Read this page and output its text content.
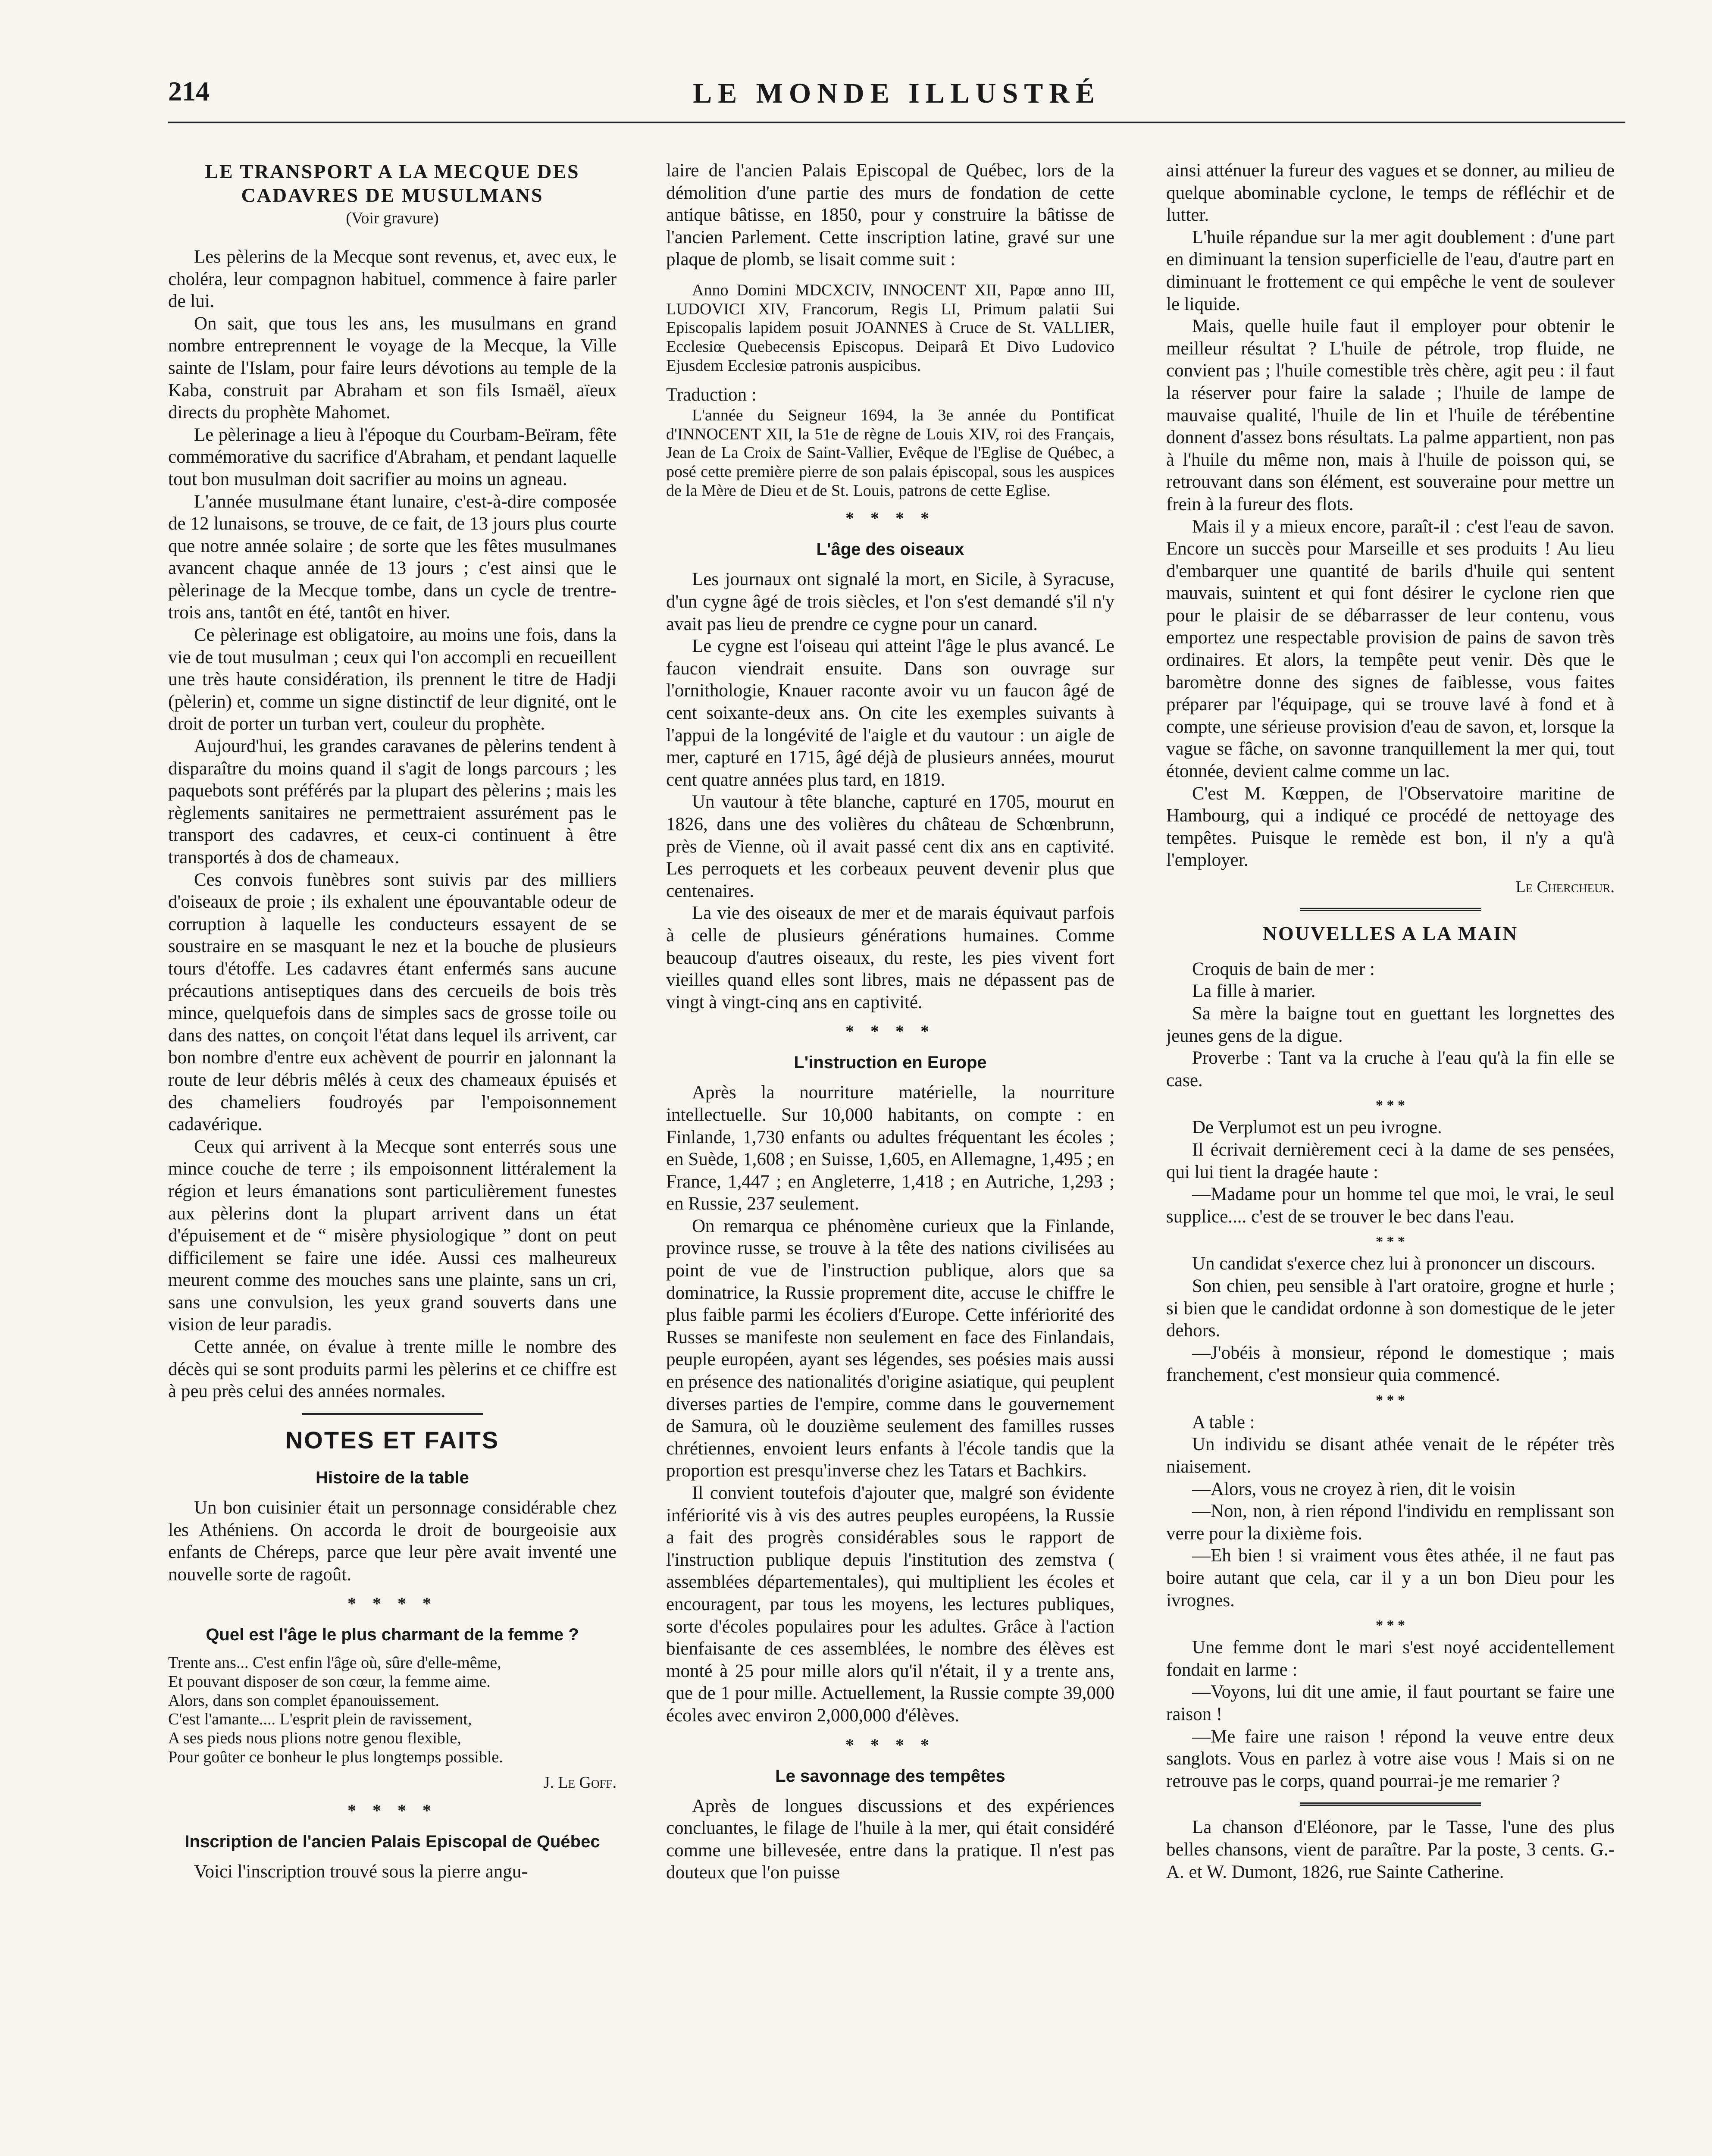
214	LE MONDE ILLUSTRÉ
LE TRANSPORT A LA MECQUE DES CADAVRES DE MUSULMANS
(Voir gravure)

Les pèlerins de la Mecque sont revenus, et, avec eux, le choléra, leur compagnon habituel, commence à faire parler de lui.

On sait, que tous les ans, les musulmans en grand nombre entreprennent le voyage de la Mecque, la Ville sainte de l'Islam, pour faire leurs dévotions au temple de la Kaba, construit par Abraham et son fils Ismaël, aïeux directs du prophète Mahomet.

Le pèlerinage a lieu à l'époque du Courbam-Beïram, fête commémorative du sacrifice d'Abraham, et pendant laquelle tout bon musulman doit sacrifier au moins un agneau.

L'année musulmane étant lunaire, c'est-à-dire composée de 12 lunaisons, se trouve, de ce fait, de 13 jours plus courte que notre année solaire ; de sorte que les fêtes musulmanes avancent chaque année de 13 jours ; c'est ainsi que le pèlerinage de la Mecque tombe, dans un cycle de trentre-trois ans, tantôt en été, tantôt en hiver.

Ce pèlerinage est obligatoire, au moins une fois, dans la vie de tout musulman ; ceux qui l'on accompli en recueillent une très haute considération, ils prennent le titre de Hadji (pèlerin) et, comme un signe distinctif de leur dignité, ont le droit de porter un turban vert, couleur du prophète.

Aujourd'hui, les grandes caravanes de pèlerins tendent à disparaître du moins quand il s'agit de longs parcours ; les paquebots sont préférés par la plupart des pèlerins ; mais les règlements sanitaires ne permettraient assurément pas le transport des cadavres, et ceux-ci continuent à être transportés à dos de chameaux.

Ces convois funèbres sont suivis par des milliers d'oiseaux de proie ; ils exhalent une épouvantable odeur de corruption à laquelle les conducteurs essayent de se soustraire en se masquant le nez et la bouche de plusieurs tours d'étoffe. Les cadavres étant enfermés sans aucune précautions antiseptiques dans des cercueils de bois très mince, quelquefois dans de simples sacs de grosse toile ou dans des nattes, on conçoit l'état dans lequel ils arrivent, car bon nombre d'entre eux achèvent de pourrir en jalonnant la route de leur débris mêlés à ceux des chameaux épuisés et des chameliers foudroyés par l'empoisonnement cadavérique.

Ceux qui arrivent à la Mecque sont enterrés sous une mince couche de terre ; ils empoisonnent littéralement la région et leurs émanations sont particulièrement funestes aux pèlerins dont la plupart arrivent dans un état d'épuisement et de “ misère physiologique ” dont on peut difficilement se faire une idée. Aussi ces malheureux meurent comme des mouches sans une plainte, sans un cri, sans une convulsion, les yeux grand souverts dans une vision de leur paradis.

Cette année, on évalue à trente mille le nombre des décès qui se sont produits parmi les pèlerins et ce chiffre est à peu près celui des années normales.

NOTES ET FAITS
Histoire de la table

Un bon cuisinier était un personnage considérable chez les Athéniens. On accorda le droit de bourgeoisie aux enfants de Chéreps, parce que leur père avait inventé une nouvelle sorte de ragoût.

* * * *
Quel est l'âge le plus charmant de la femme ?

Trente ans... C'est enfin l'âge où, sûre d'elle-même,

Et pouvant disposer de son cœur, la femme aime.

Alors, dans son complet épanouissement.

C'est l'amante.... L'esprit plein de ravissement,

A ses pieds nous plions notre genou flexible,

Pour goûter ce bonheur le plus longtemps possible.

J. Le Goff.
* * * *
Inscription de l'ancien Palais Episcopal de Québec

Voici l'inscription trouvé sous la pierre angu-

laire de l'ancien Palais Episcopal de Québec, lors de la démolition d'une partie des murs de fondation de cette antique bâtisse, en 1850, pour y construire la bâtisse de l'ancien Parlement. Cette inscription latine, gravé sur une plaque de plomb, se lisait comme suit :

Anno Domini MDCXCIV, INNOCENT XII, Papœ anno III, LUDOVICI XIV, Francorum, Regis LI, Primum palatii Sui Episcopalis lapidem posuit JOANNES à Cruce de St. VALLIER, Ecclesiœ Quebecensis Episcopus. Deiparâ Et Divo Ludovico Ejusdem Ecclesiœ patronis auspicibus.

Traduction :

L'année du Seigneur 1694, la 3e année du Pontificat d'INNOCENT XII, la 51e de règne de Louis XIV, roi des Français, Jean de La Croix de Saint-Vallier, Evêque de l'Eglise de Québec, a posé cette première pierre de son palais épiscopal, sous les auspices de la Mère de Dieu et de St. Louis, patrons de cette Eglise.

* * * *
L'âge des oiseaux

Les journaux ont signalé la mort, en Sicile, à Syracuse, d'un cygne âgé de trois siècles, et l'on s'est demandé s'il n'y avait pas lieu de prendre ce cygne pour un canard.

Le cygne est l'oiseau qui atteint l'âge le plus avancé. Le faucon viendrait ensuite. Dans son ouvrage sur l'ornithologie, Knauer raconte avoir vu un faucon âgé de cent soixante-deux ans. On cite les exemples suivants à l'appui de la longévité de l'aigle et du vautour : un aigle de mer, capturé en 1715, âgé déjà de plusieurs années, mourut cent quatre années plus tard, en 1819.

Un vautour à tête blanche, capturé en 1705, mourut en 1826, dans une des volières du château de Schœnbrunn, près de Vienne, où il avait passé cent dix ans en captivité. Les perroquets et les corbeaux peuvent devenir plus que centenaires.

La vie des oiseaux de mer et de marais équivaut parfois à celle de plusieurs générations humaines. Comme beaucoup d'autres oiseaux, du reste, les pies vivent fort vieilles quand elles sont libres, mais ne dépassent pas de vingt à vingt-cinq ans en captivité.

* * * *
L'instruction en Europe

Après la nourriture matérielle, la nourriture intellectuelle. Sur 10,000 habitants, on compte : en Finlande, 1,730 enfants ou adultes fréquentant les écoles ; en Suède, 1,608 ; en Suisse, 1,605, en Allemagne, 1,495 ; en France, 1,447 ; en Angleterre, 1,418 ; en Autriche, 1,293 ; en Russie, 237 seulement.

On remarqua ce phénomène curieux que la Finlande, province russe, se trouve à la tête des nations civilisées au point de vue de l'instruction publique, alors que sa dominatrice, la Russie proprement dite, accuse le chiffre le plus faible parmi les écoliers d'Europe. Cette infériorité des Russes se manifeste non seulement en face des Finlandais, peuple européen, ayant ses légendes, ses poésies mais aussi en présence des nationalités d'origine asiatique, qui peuplent diverses parties de l'empire, comme dans le gouvernement de Samura, où le douzième seulement des familles russes chrétiennes, envoient leurs enfants à l'école tandis que la proportion est presqu'inverse chez les Tatars et Bachkirs.

Il convient toutefois d'ajouter que, malgré son évidente infériorité vis à vis des autres peuples européens, la Russie a fait des progrès considérables sous le rapport de l'instruction publique depuis l'institution des zemstva ( assemblées départementales), qui multiplient les écoles et encouragent, par tous les moyens, les lectures publiques, sorte d'écoles populaires pour les adultes. Grâce à l'action bienfaisante de ces assemblées, le nombre des élèves est monté à 25 pour mille alors qu'il n'était, il y a trente ans, que de 1 pour mille. Actuellement, la Russie compte 39,000 écoles avec environ 2,000,000 d'élèves.

* * * *
Le savonnage des tempêtes

Après de longues discussions et des expériences concluantes, le filage de l'huile à la mer, qui était considéré comme une billevesée, entre dans la pratique. Il n'est pas douteux que l'on puisse

ainsi atténuer la fureur des vagues et se donner, au milieu de quelque abominable cyclone, le temps de réfléchir et de lutter.

L'huile répandue sur la mer agit doublement : d'une part en diminuant la tension superficielle de l'eau, d'autre part en diminuant le frottement ce qui empêche le vent de soulever le liquide.

Mais, quelle huile faut il employer pour obtenir le meilleur résultat ? L'huile de pétrole, trop fluide, ne convient pas ; l'huile comestible très chère, agit peu : il faut la réserver pour faire la salade ; l'huile de lampe de mauvaise qualité, l'huile de lin et l'huile de térébentine donnent d'assez bons résultats. La palme appartient, non pas à l'huile du même non, mais à l'huile de poisson qui, se retrouvant dans son élément, est souveraine pour mettre un frein à la fureur des flots.

Mais il y a mieux encore, paraît-il : c'est l'eau de savon. Encore un succès pour Marseille et ses produits ! Au lieu d'embarquer une quantité de barils d'huile qui sentent mauvais, suintent et qui font désirer le cyclone rien que pour le plaisir de se débarrasser de leur contenu, vous emportez une respectable provision de pains de savon très ordinaires. Et alors, la tempête peut venir. Dès que le baromètre donne des signes de faiblesse, vous faites préparer par l'équipage, qui se trouve lavé à fond et à compte, une sérieuse provision d'eau de savon, et, lorsque la vague se fâche, on savonne tranquillement la mer qui, tout étonnée, devient calme comme un lac.

C'est M. Kœppen, de l'Observatoire maritine de Hambourg, qui a indiqué ce procédé de nettoyage des tempêtes. Puisque le remède est bon, il n'y a qu'à l'employer.

Le Chercheur.
NOUVELLES A LA MAIN

Croquis de bain de mer :

La fille à marier.

Sa mère la baigne tout en guettant les lorgnettes des jeunes gens de la digue.

Proverbe : Tant va la cruche à l'eau qu'à la fin elle se case.

* * *

De Verplumot est un peu ivrogne.

Il écrivait dernièrement ceci à la dame de ses pensées, qui lui tient la dragée haute :

—Madame pour un homme tel que moi, le vrai, le seul supplice.... c'est de se trouver le bec dans l'eau.

* * *

Un candidat s'exerce chez lui à prononcer un discours.

Son chien, peu sensible à l'art oratoire, grogne et hurle ; si bien que le candidat ordonne à son domestique de le jeter dehors.

—J'obéis à monsieur, répond le domestique ; mais franchement, c'est monsieur quia commencé.

* * *

A table :

Un individu se disant athée venait de le répéter très niaisement.

—Alors, vous ne croyez à rien, dit le voisin

—Non, non, à rien répond l'individu en remplissant son verre pour la dixième fois.

—Eh bien ! si vraiment vous êtes athée, il ne faut pas boire autant que cela, car il y a un bon Dieu pour les ivrognes.

* * *

Une femme dont le mari s'est noyé accidentellement fondait en larme :

—Voyons, lui dit une amie, il faut pourtant se faire une raison !

—Me faire une raison ! répond la veuve entre deux sanglots. Vous en parlez à votre aise vous ! Mais si on ne retrouve pas le corps, quand pourrai-je me remarier ?

La chanson d'Eléonore, par le Tasse, l'une des plus belles chansons, vient de paraître. Par la poste, 3 cents. G.-A. et W. Dumont, 1826, rue Sainte Catherine.
